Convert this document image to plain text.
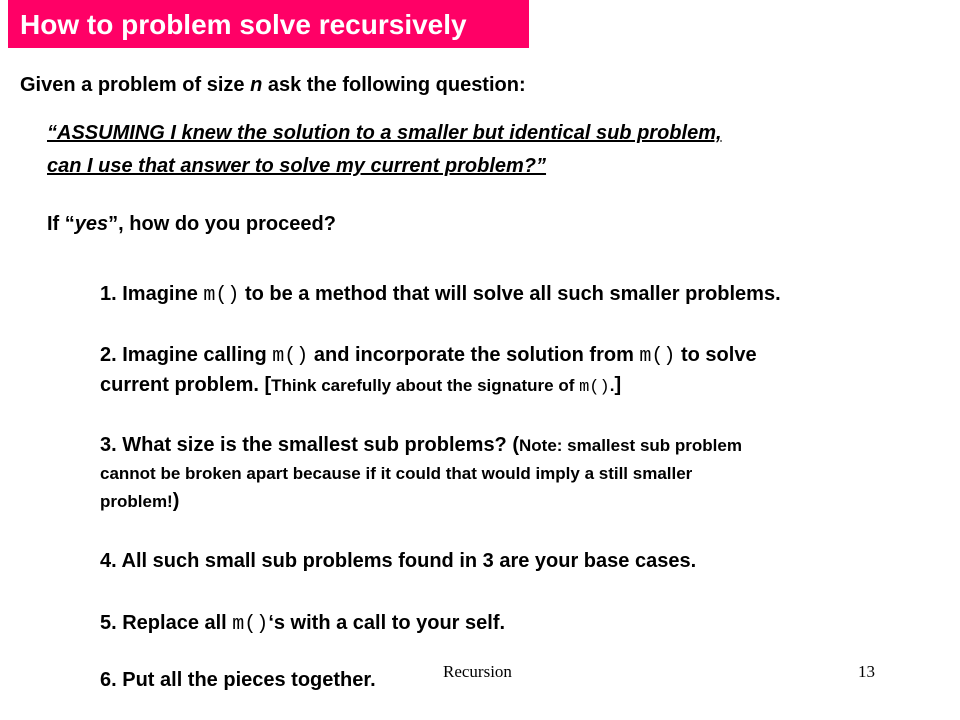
How to problem solve recursively
Given a problem of size n ask the following question:
“ASSUMING I knew the solution to a smaller but identical sub problem,
can I use that answer to solve my current problem?”
If “yes”, how do you proceed?
1. Imagine m() to be a method that will solve all such smaller problems.
2. Imagine calling m() and incorporate the solution from m() to solve
current problem. [Think carefully about the signature of m().]
3. What size is the smallest sub problems? (Note: smallest sub problem
cannot be broken apart because if it could that would imply a still smaller
problem!)
4. All such small sub problems found in 3 are your base cases.
5. Replace all m()‘s with a call to your self.
6. Put all the pieces together.	Recursion	13
